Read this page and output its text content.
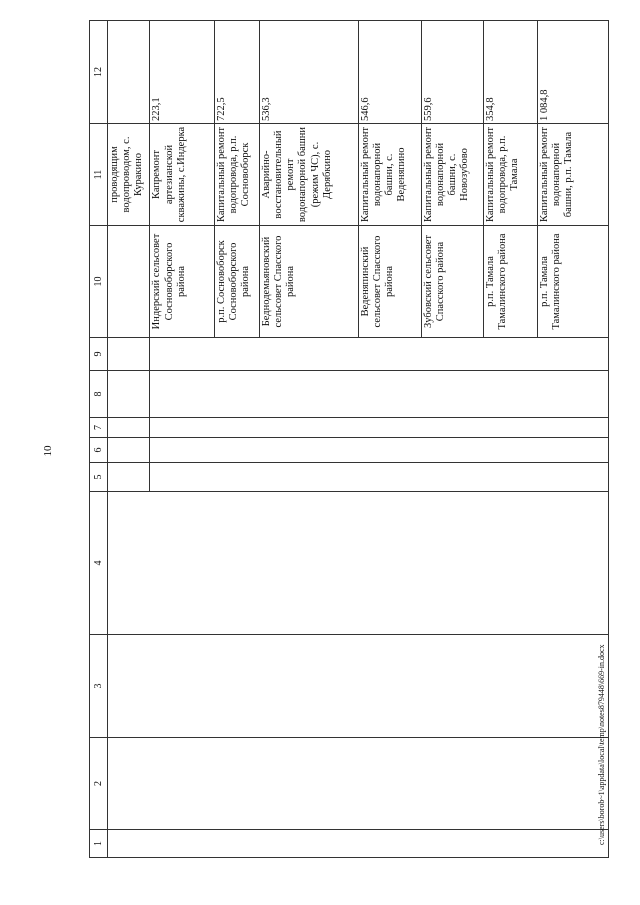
10
1	2	3	4	5	6	7	8	9	10	11	12
										проводящим водопроводом, с. Куракино	
									Индерский сельсовет Сосновоборского района	Капремонт артезианской скважины, с.Индерка	223,1
									р.п. Сосновоборск Сосновоборского района	Капитальный ремонт водопровода, р.п. Сосновоборск	722,5
									Беднодемьяновский сельсовет Спасского района	Аварийно-восстановительный ремонт водонапорной башни (режим ЧС), с. Дерябкино	536,3
									Веденяпинский сельсовет Спасского района	Капитальный ремонт водонапорной башни, с. Веденяпино	546,6
									Зубовский сельсовет Спасского района	Капитальный ремонт водонапорной башни, с. Новозубово	559,6
									р.п. Тамала Тамалинского района	Капитальный ремонт водопровода, р.п. Тамала	354,8
									р.п. Тамала Тамалинского района	Капитальный ремонт водонапорной башни, р.п. Тамала	1 084,8
c:\users\borob~1\appdata\local\temp\notes879448\669-in.docx
